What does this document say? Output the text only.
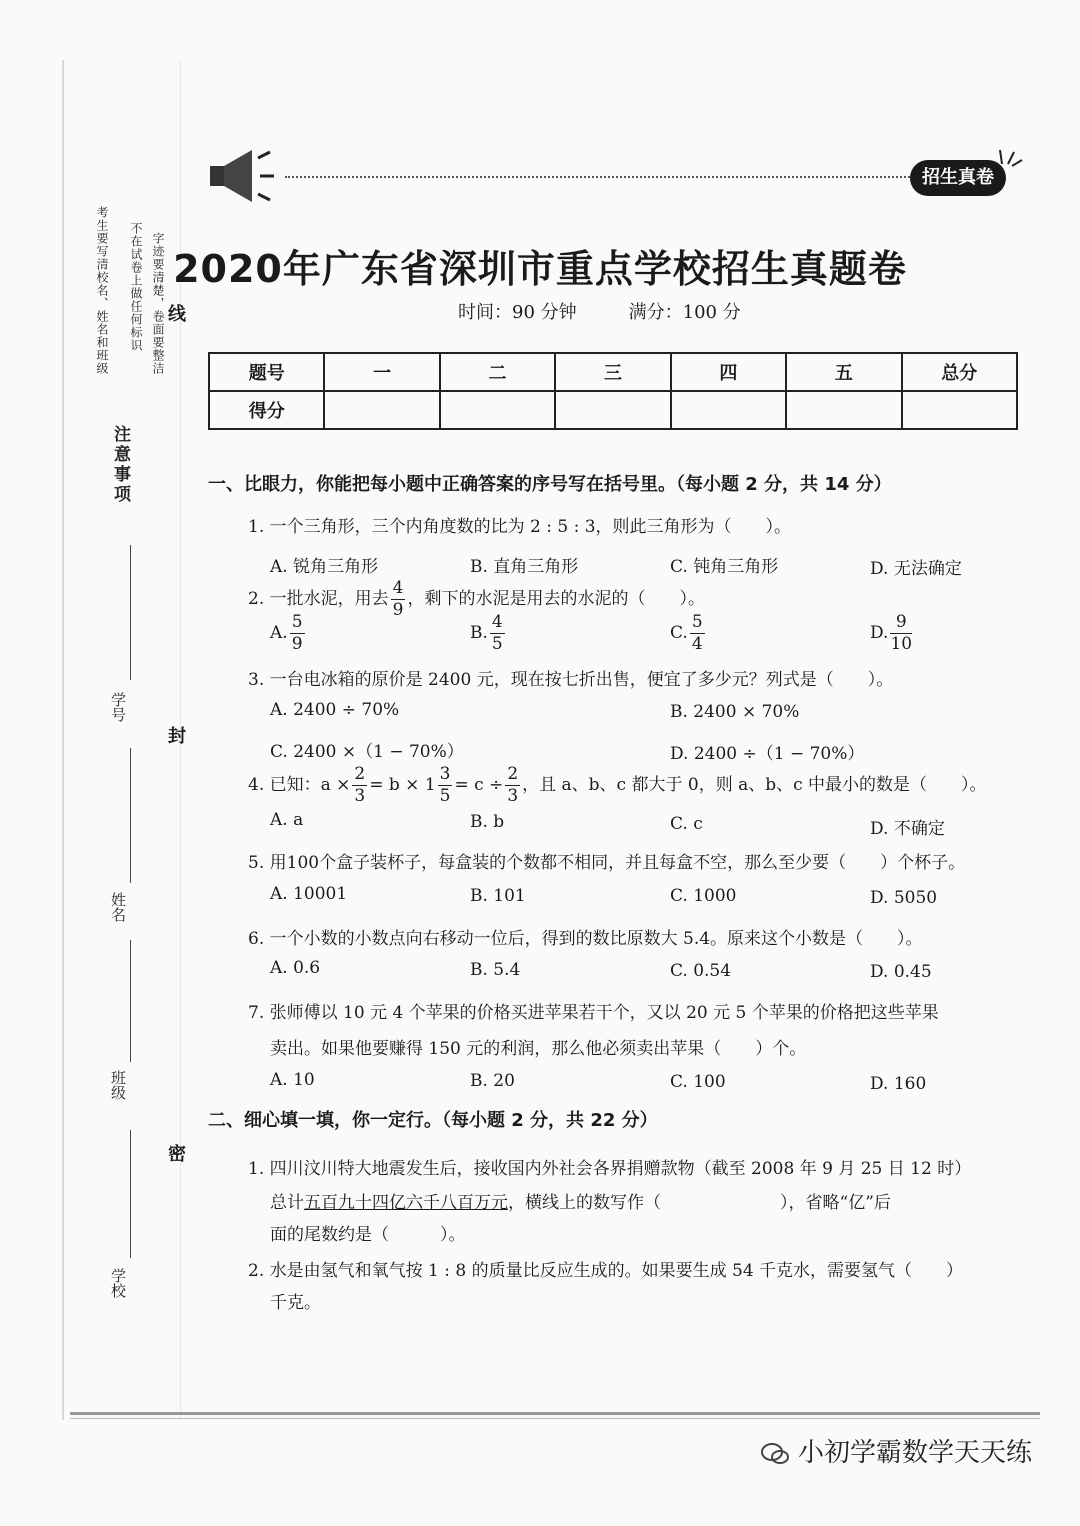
字迹要清楚，卷面要整洁
不在试卷上做任何标识
考生要写清校名、姓名和班级
注意事项
学号
姓名
班级
学校
线
封
密
招生真卷
2020年广东省深圳市重点学校招生真题卷
时间：90 分钟	满分：100 分
题号	一	二	三	四	五	总分
得分						
一、比眼力，你能把每小题中正确答案的序号写在括号里。（每小题 2 分，共 14 分）
1. 一个三角形，三个内角度数的比为 2 : 5 : 3，则此三角形为（　　）。
A. 锐角三角形	B. 直角三角形	C. 钝角三角形	D. 无法确定
2. 一批水泥，用去 $\frac{4}{9}$ ，剩下的水泥是用去的水泥的（　　）。
A. $\frac{5}{9}$	B. $\frac{4}{5}$	C. $\frac{5}{4}$	D. $\frac{9}{10}$
3. 一台电冰箱的原价是 2400 元，现在按七折出售，便宜了多少元？列式是（　　）。
A. 2400 ÷ 70%	B. 2400 × 70%
C. 2400 ×（1 − 70%）	D. 2400 ÷（1 − 70%）
4. 已知：$a \times \frac{2}{3} = b \times 1 \frac{3}{5} = c \div \frac{2}{3}$ ，且 a、b、c 都大于 0，则 a、b、c 中最小的数是（　　）。
A. a	B. b	C. c	D. 不确定
5. 用100个盒子装杯子，每盒装的个数都不相同，并且每盒不空，那么至少要（　　）个杯子。
A. 10001	B. 101	C. 1000	D. 5050
6. 一个小数的小数点向右移动一位后，得到的数比原数大 5.4。原来这个小数是（　　）。
A. 0.6	B. 5.4	C. 0.54	D. 0.45
7. 张师傅以 10 元 4 个苹果的价格买进苹果若干个，又以 20 元 5 个苹果的价格把这些苹果
卖出。如果他要赚得 150 元的利润，那么他必须卖出苹果（　　）个。
A. 10	B. 20	C. 100	D. 160
二、细心填一填，你一定行。（每小题 2 分，共 22 分）
1. 四川汶川特大地震发生后，接收国内外社会各界捐赠款物（截至 2008 年 9 月 25 日 12 时）
总计五百九十四亿六千八百万元，横线上的数写作（　　　　　　　），省略“亿”后
面的尾数约是（　　　）。
2. 水是由氢气和氧气按 1 : 8 的质量比反应生成的。如果要生成 54 千克水，需要氢气（　　）
千克。
小初学霸数学天天练
